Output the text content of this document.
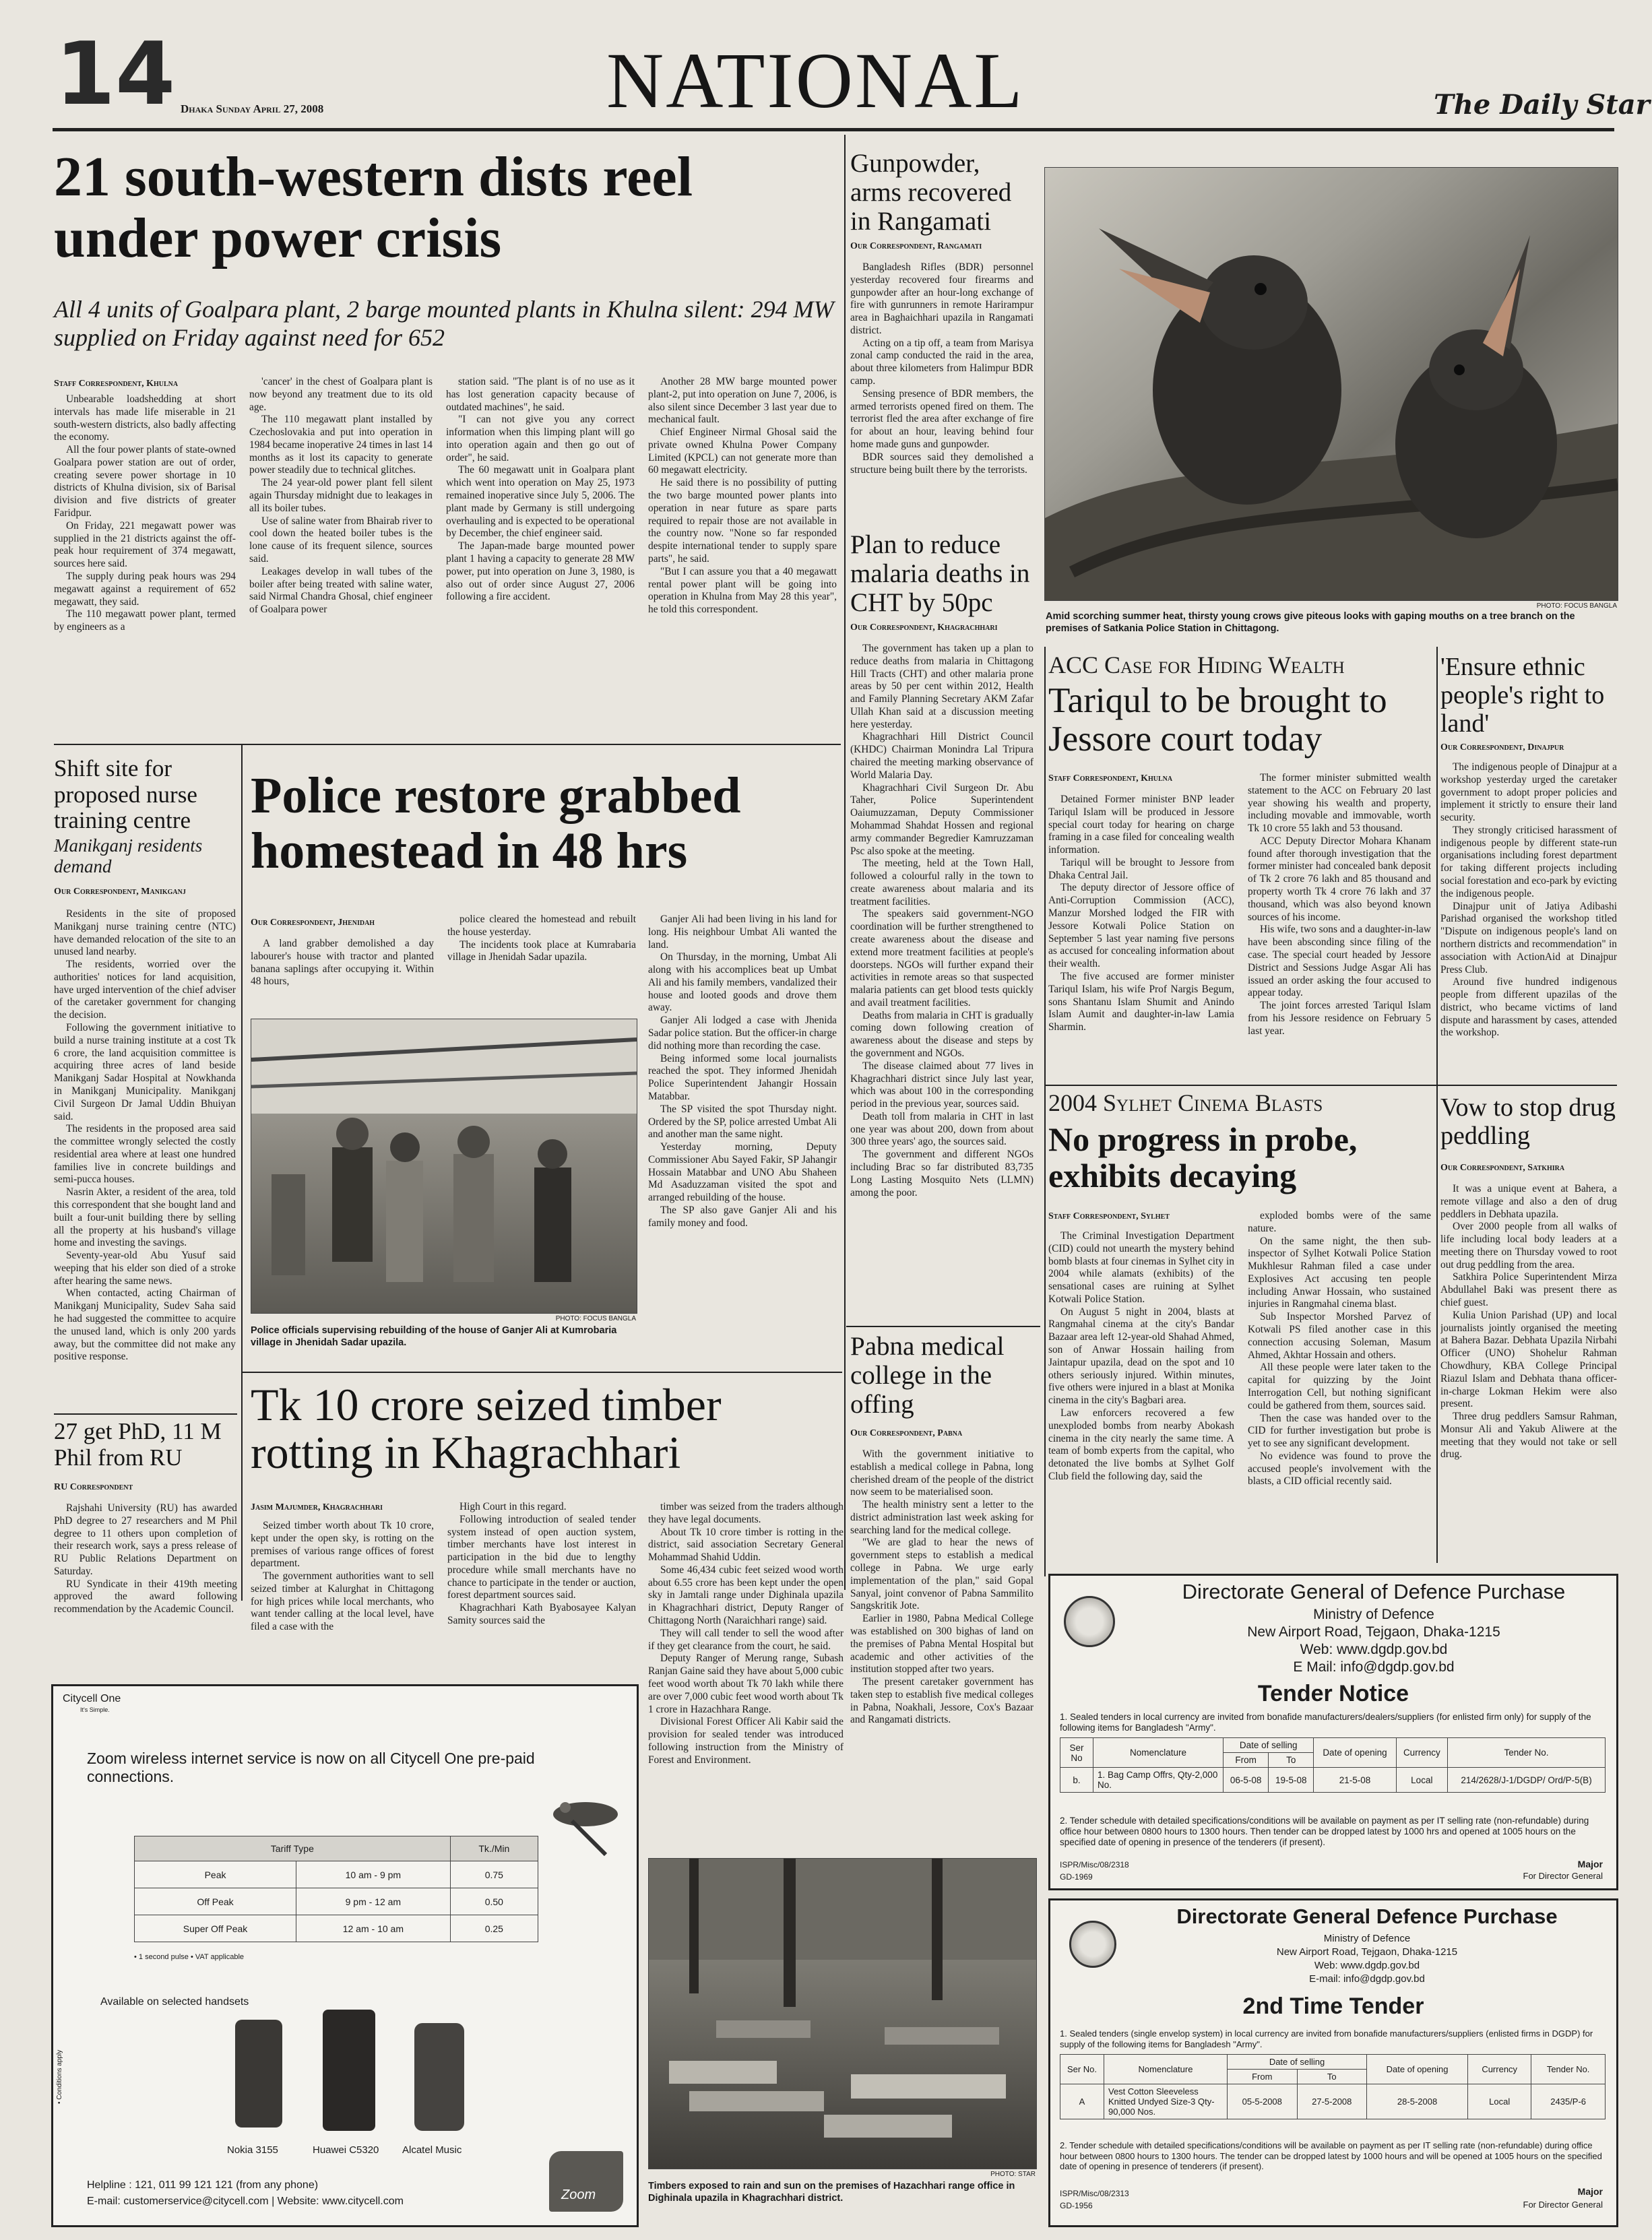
14 Dhaka Sunday April 27, 2008	NATIONAL	The Daily Star
21 south-western dists reel under power crisis
All 4 units of Goalpara plant, 2 barge mounted plants in Khulna silent: 294 MW supplied on Friday against need for 652
Staff Correspondent, Khulna

Unbearable loadshedding at short intervals has made life miserable in 21 south-western districts, also badly affecting the economy.

All the four power plants of state-owned Goalpara power station are out of order, creating severe power shortage in 10 districts of Khulna division, six of Barisal division and five districts of greater Faridpur.

On Friday, 221 megawatt power was supplied in the 21 districts against the off-peak hour requirement of 374 megawatt, sources here said.

The supply during peak hours was 294 megawatt against a requirement of 652 megawatt, they said.

The 110 megawatt power plant, termed by engineers as a

'cancer' in the chest of Goalpara plant is now beyond any treatment due to its old age.

The 110 megawatt plant installed by Czechoslovakia and put into operation in 1984 became inoperative 24 times in last 14 months as it lost its capacity to generate power steadily due to technical glitches.

The 24 year-old power plant fell silent again Thursday midnight due to leakages in all its boiler tubes.

Use of saline water from Bhairab river to cool down the heated boiler tubes is the lone cause of its frequent silence, sources said.

Leakages develop in wall tubes of the boiler after being treated with saline water, said Nirmal Chandra Ghosal, chief engineer of Goalpara power

station said. "The plant is of no use as it has lost generation capacity because of outdated machines", he said.

"I can not give you any correct information when this limping plant will go into operation again and then go out of order", he said.

The 60 megawatt unit in Goalpara plant which went into operation on May 25, 1973 remained inoperative since July 5, 2006. The plant made by Germany is still undergoing overhauling and is expected to be operational by December, the chief engineer said.

The Japan-made barge mounted power plant 1 having a capacity to generate 28 MW power, put into operation on June 3, 1980, is also out of order since August 27, 2006 following a fire accident.

Another 28 MW barge mounted power plant-2, put into operation on June 7, 2006, is also silent since December 3 last year due to mechanical fault.

Chief Engineer Nirmal Ghosal said the private owned Khulna Power Company Limited (KPCL) can not generate more than 60 megawatt electricity.

He said there is no possibility of putting the two barge mounted power plants into operation in near future as spare parts required to repair those are not available in the country now. "None so far responded despite international tender to supply spare parts", he said.

"But I can assure you that a 40 megawatt rental power plant will be going into operation in Khulna from May 28 this year", he told this correspondent.

Gunpowder, arms recovered in Rangamati
Our Correspondent, Rangamati

Bangladesh Rifles (BDR) personnel yesterday recovered four firearms and gunpowder after an hour-long exchange of fire with gunrunners in remote Harirampur area in Baghaichhari upazila in Rangamati district.

Acting on a tip off, a team from Marisya zonal camp conducted the raid in the area, about three kilometers from Halimpur BDR camp.

Sensing presence of BDR members, the armed terrorists opened fired on them. The terrorist fled the area after exchange of fire for about an hour, leaving behind four home made guns and gunpowder.

BDR sources said they demolished a structure being built there by the terrorists.

Plan to reduce malaria deaths in CHT by 50pc
Our Correspondent, Khagrachhari

The government has taken up a plan to reduce deaths from malaria in Chittagong Hill Tracts (CHT) and other malaria prone areas by 50 per cent within 2012, Health and Family Planning Secretary AKM Zafar Ullah Khan said at a discussion meeting here yesterday.

Khagrachhari Hill District Council (KHDC) Chairman Monindra Lal Tripura chaired the meeting marking observance of World Malaria Day.

Khagrachhari Civil Surgeon Dr. Abu Taher, Police Superintendent Oaiumuzzaman, Deputy Commissioner Mohammad Shahdat Hossen and regional army commander Begredier Kamruzzaman Psc also spoke at the meeting.

The meeting, held at the Town Hall, followed a colourful rally in the town to create awareness about malaria and its treatment facilities.

The speakers said government-NGO coordination will be further strengthened to create awareness about the disease and extend more treatment facilities at people's doorsteps. NGOs will further expand their activities in remote areas so that suspected malaria patients can get blood tests quickly and avail treatment facilities.

Deaths from malaria in CHT is gradually coming down following creation of awareness about the disease and steps by the government and NGOs.

The disease claimed about 77 lives in Khagrachhari district since July last year, which was about 100 in the corresponding period in the previous year, sources said.

Death toll from malaria in CHT in last one year was about 200, down from about 300 three years' ago, the sources said.

The government and different NGOs including Brac so far distributed 83,735 Long Lasting Mosquito Nets (LLMN) among the poor.

PHOTO: FOCUS BANGLA
Amid scorching summer heat, thirsty young crows give piteous looks with gaping mouths on a tree branch on the premises of Satkania Police Station in Chittagong.
Shift site for proposed nurse training centre
Manikganj residents demand
Our Correspondent, Manikganj

Residents in the site of proposed Manikganj nurse training centre (NTC) have demanded relocation of the site to an unused land nearby.

The residents, worried over the authorities' notices for land acquisition, have urged intervention of the chief adviser of the caretaker government for changing the decision.

Following the government initiative to build a nurse training institute at a cost Tk 6 crore, the land acquisition committee is acquiring three acres of land beside Manikganj Sadar Hospital at Nowkhanda in Manikganj Municipality. Manikganj Civil Surgeon Dr Jamal Uddin Bhuiyan said.

The residents in the proposed area said the committee wrongly selected the costly residential area where at least one hundred families live in concrete buildings and semi-pucca houses.

Nasrin Akter, a resident of the area, told this correspondent that she bought land and built a four-unit building there by selling all the property at his husband's village home and investing the savings.

Seventy-year-old Abu Yusuf said weeping that his elder son died of a stroke after hearing the same news.

When contacted, acting Chairman of Manikganj Municipality, Sudev Saha said he had suggested the committee to acquire the unused land, which is only 200 yards away, but the committee did not make any positive response.

Police restore grabbed homestead in 48 hrs
Our Correspondent, Jhenidah

A land grabber demolished a day labourer's house with tractor and planted banana saplings after occupying it. Within 48 hours,

police cleared the homestead and rebuilt the house yesterday.

The incidents took place at Kumrabaria village in Jhenidah Sadar upazila.

Ganjer Ali had been living in his land for long. His neighbour Umbat Ali wanted the land.

On Thursday, in the morning, Umbat Ali along with his accomplices beat up Umbat Ali and his family members, vandalized their house and looted goods and drove them away.

Ganjer Ali lodged a case with Jhenida Sadar police station. But the officer-in charge did nothing more than recording the case.

Being informed some local journalists reached the spot. They informed Jhenidah Police Superintendent Jahangir Hossain Matabbar.

The SP visited the spot Thursday night. Ordered by the SP, police arrested Umbat Ali and another man the same night.

Yesterday morning, Deputy Commissioner Abu Sayed Fakir, SP Jahangir Hossain Matabbar and UNO Abu Shaheen Md Asaduzzaman visited the spot and arranged rebuilding of the house.

The SP also gave Ganjer Ali and his family money and food.

PHOTO: FOCUS BANGLA
Police officials supervising rebuilding of the house of Ganjer Ali at Kumrobaria village in Jhenidah Sadar upazila.
27 get PhD, 11 M Phil from RU
RU Correspondent

Rajshahi University (RU) has awarded PhD degree to 27 researchers and M Phil degree to 11 others upon completion of their research work, says a press release of RU Public Relations Department on Saturday.

RU Syndicate in their 419th meeting approved the award following recommendation by the Academic Council.

Tk 10 crore seized timber rotting in Khagrachhari
Jasim Majumder, Khagrachhari

Seized timber worth about Tk 10 crore, kept under the open sky, is rotting on the premises of various range offices of forest department.

The government authorities want to sell seized timber at Kalurghat in Chittagong for high prices while local merchants, who want tender calling at the local level, have filed a case with the

High Court in this regard.

Following introduction of sealed tender system instead of open auction system, timber merchants have lost interest in participation in the bid due to lengthy procedure while small merchants have no chance to participate in the tender or auction, forest department sources said.

Khagrachhari Kath Byabosayee Kalyan Samity sources said the

timber was seized from the traders although they have legal documents.

About Tk 10 crore timber is rotting in the district, said association Secretary General Mohammad Shahid Uddin.

Some 46,434 cubic feet seized wood worth about 6.55 crore has been kept under the open sky in Jamtali range under Dighinala upazila in Khagrachhari district, Deputy Ranger of Chittagong North (Naraichhari range) said.

They will call tender to sell the wood after if they get clearance from the court, he said.

Deputy Ranger of Merung range, Subash Ranjan Gaine said they have about 5,000 cubic feet wood worth about Tk 70 lakh while there are over 7,000 cubic feet wood worth about Tk 1 crore in Hazachhara Range.

Divisional Forest Officer Ali Kabir said the provision for sealed tender was introduced following instruction from the Ministry of Forest and Environment.

PHOTO: STAR
Timbers exposed to rain and sun on the premises of Hazachhari range office in Dighinala upazila in Khagrachhari district.
Pabna medical college in the offing
Our Correspondent, Pabna

With the government initiative to establish a medical college in Pabna, long cherished dream of the people of the district now seem to be materialised soon.

The health ministry sent a letter to the district administration last week asking for searching land for the medical college.

"We are glad to hear the news of government steps to establish a medical college in Pabna. We urge early implementation of the plan," said Gopal Sanyal, joint convenor of Pabna Sammilito Sangskritik Jote.

Earlier in 1980, Pabna Medical College was established on 300 bighas of land on the premises of Pabna Mental Hospital but academic and other activities of the institution stopped after two years.

The present caretaker government has taken step to establish five medical colleges in Pabna, Noakhali, Jessore, Cox's Bazaar and Rangamati districts.

ACC Case for Hiding Wealth
Tariqul to be brought to Jessore court today
Staff Correspondent, Khulna

Detained Former minister BNP leader Tariqul Islam will be produced in Jessore special court today for hearing on charge framing in a case filed for concealing wealth information.

Tariqul will be brought to Jessore from Dhaka Central Jail.

The deputy director of Jessore office of Anti-Corruption Commission (ACC), Manzur Morshed lodged the FIR with Jessore Kotwali Police Station on September 5 last year naming five persons as accused for concealing information about their wealth.

The five accused are former minister Tariqul Islam, his wife Prof Nargis Begum, sons Shantanu Islam Shumit and Anindo Islam Aumit and daughter-in-law Lamia Sharmin.

The former minister submitted wealth statement to the ACC on February 20 last year showing his wealth and property, including movable and immovable, worth Tk 10 crore 55 lakh and 53 thousand.

ACC Deputy Director Mohara Khanam found after thorough investigation that the former minister had concealed bank deposit of Tk 2 crore 76 lakh and 85 thousand and property worth Tk 4 crore 76 lakh and 37 thousand, which was also beyond known sources of his income.

His wife, two sons and a daughter-in-law have been absconding since filing of the case. The special court headed by Jessore District and Sessions Judge Asgar Ali has issued an order asking the four accused to appear today.

The joint forces arrested Tariqul Islam from his Jessore residence on February 5 last year.

'Ensure ethnic people's right to land'
Our Correspondent, Dinajpur

The indigenous people of Dinajpur at a workshop yesterday urged the caretaker government to adopt proper policies and implement it strictly to ensure their land security.

They strongly criticised harassment of indigenous people by different state-run organisations including forest department for taking different projects including social forestation and eco-park by evicting the indigenous people.

Dinajpur unit of Jatiya Adibashi Parishad organised the workshop titled "Dispute on indigenous people's land on northern districts and recommendation" in association with ActionAid at Dinajpur Press Club.

Around five hundred indigenous people from different upazilas of the district, who became victims of land dispute and harassment by cases, attended the workshop.

2004 Sylhet Cinema Blasts
No progress in probe, exhibits decaying
Staff Correspondent, Sylhet

The Criminal Investigation Department (CID) could not unearth the mystery behind bomb blasts at four cinemas in Sylhet city in 2004 while alamats (exhibits) of the sensational cases are ruining at Sylhet Kotwali Police Station.

On August 5 night in 2004, blasts at Rangmahal cinema at the city's Bandar Bazaar area left 12-year-old Shahad Ahmed, son of Anwar Hossain hailing from Jaintapur upazila, dead on the spot and 10 others seriously injured. Within minutes, five others were injured in a blast at Monika cinema in the city's Bagbari area.

Law enforcers recovered a few unexploded bombs from nearby Abokash cinema in the city nearly the same time. A team of bomb experts from the capital, who detonated the live bombs at Sylhet Golf Club field the following day, said the

exploded bombs were of the same nature.

On the same night, the then sub-inspector of Sylhet Kotwali Police Station Mukhlesur Rahman filed a case under Explosives Act accusing ten people including Anwar Hossain, who sustained injuries in Rangmahal cinema blast.

Sub Inspector Morshed Parvez of Kotwali PS filed another case in this connection accusing Soleman, Masum Ahmed, Akhtar Hossain and others.

All these people were later taken to the capital for quizzing by the Joint Interrogation Cell, but nothing significant could be gathered from them, sources said.

Then the case was handed over to the CID for further investigation but probe is yet to see any significant development.

No evidence was found to prove the accused people's involvement with the blasts, a CID official recently said.

Vow to stop drug peddling
Our Correspondent, Satkhira

It was a unique event at Bahera, a remote village and also a den of drug peddlers in Debhata upazila.

Over 2000 people from all walks of life including local body leaders at a meeting there on Thursday vowed to root out drug peddling from the area.

Satkhira Police Superintendent Mirza Abdullahel Baki was present there as chief guest.

Kulia Union Parishad (UP) and local journalists jointly organised the meeting at Bahera Bazar. Debhata Upazila Nirbahi Officer (UNO) Shohelur Rahman Chowdhury, KBA College Principal Riazul Islam and Debhata thana officer-in-charge Lokman Hekim were also present.

Three drug peddlers Samsur Rahman, Monsur Ali and Yakub Aliwere at the meeting that they would not take or sell drug.

Citycell One
It's Simple.
Zoom wireless internet service is now on all Citycell One pre-paid connections.
Tariff Type		Tk./Min
Peak	10 am - 9 pm	0.75
Off Peak	9 pm - 12 am	0.50
Super Off Peak	12 am - 10 am	0.25
• 1 second pulse • VAT applicable
Available on selected handsets
Nokia 3155	Huawei C5320 Alcatel Music
• Conditions apply
Helpline : 121, 011 99 121 121 (from any phone)
E-mail: customerservice@citycell.com | Website: www.citycell.com	Zoom
Directorate General of Defence Purchase
Ministry of Defence
New Airport Road, Tejgaon, Dhaka-1215
Web: www.dgdp.gov.bd
E Mail: info@dgdp.gov.bd
Tender Notice
1. Sealed tenders in local currency are invited from bonafide manufacturers/dealers/suppliers (for enlisted firm only) for supply of the following items for Bangladesh "Army".
Ser No	Nomenclature	Date of selling		Date of opening	Currency	Tender No.
		From	To			
b.	1. Bag Camp Offrs, Qty-2,000 No.	06-5-08	19-5-08	21-5-08	Local	214/2628/J-1/DGDP/ Ord/P-5(B)
2. Tender schedule with detailed specifications/conditions will be available on payment as per IT selling rate (non-refundable) during office hour between 0800 hours to 1300 hours. Then tender can be dropped latest by 1000 hrs and opened at 1005 hours on the specified date of opening in presence of the tenderers (if present).
ISPR/Misc/08/2318
GD-1969
Major
For Director General
Directorate General Defence Purchase
Ministry of Defence
New Airport Road, Tejgaon, Dhaka-1215
Web: www.dgdp.gov.bd
E-mail: info@dgdp.gov.bd
2nd Time Tender
1. Sealed tenders (single envelop system) in local currency are invited from bonafide manufacturers/suppliers (enlisted firms in DGDP) for supply of the following items for Bangladesh "Army".
Ser No.	Nomenclature	Date of selling		Date of opening	Currency	Tender No.
		From	To			
A	Vest Cotton Sleeveless Knitted Undyed Size-3 Qty-90,000 Nos.	05-5-2008	27-5-2008	28-5-2008	Local	2435/P-6
2. Tender schedule with detailed specifications/conditions will be available on payment as per IT selling rate (non-refundable) during office hour between 0800 hours to 1300 hours. The tender can be dropped latest by 1000 hours and will be opened at 1005 hours on the specified date of opening in presence of tenderers (if present).
ISPR/Misc/08/2313
GD-1956
Major
For Director General
